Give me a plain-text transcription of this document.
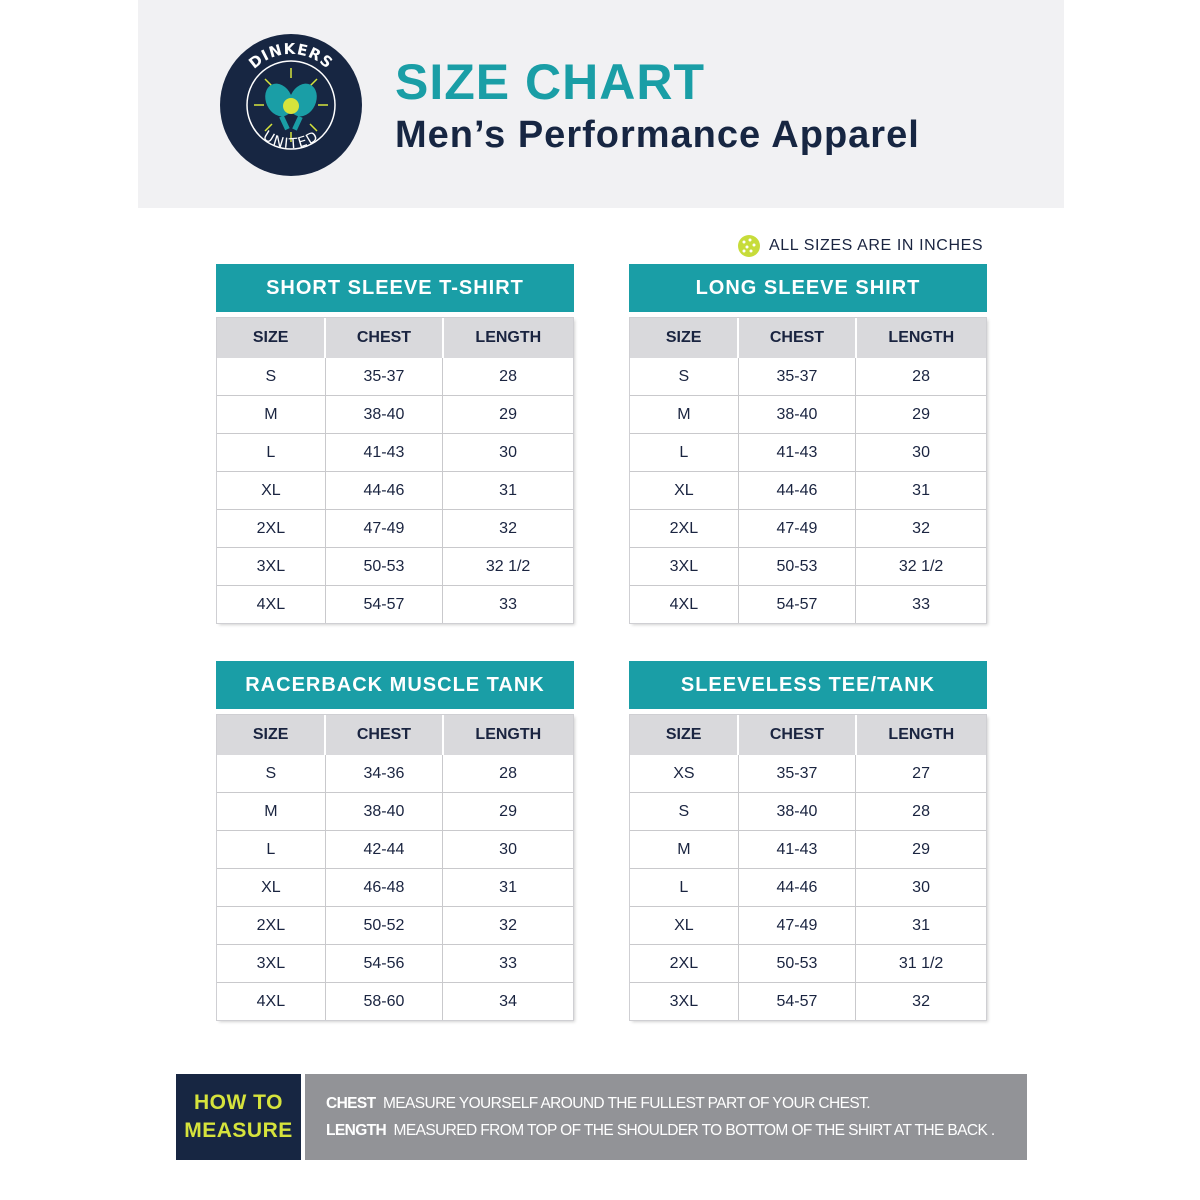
DINKERS
UNITED
SIZE CHART
Men’s Performance Apparel
ALL SIZES ARE IN INCHES
SHORT SLEEVE T-SHIRT
SIZE	CHEST	LENGTH
S	35-37	28
M	38-40	29
L	41-43	30
XL	44-46	31
2XL	47-49	32
3XL	50-53	32 1/2
4XL	54-57	33
LONG SLEEVE SHIRT
SIZE	CHEST	LENGTH
S	35-37	28
M	38-40	29
L	41-43	30
XL	44-46	31
2XL	47-49	32
3XL	50-53	32 1/2
4XL	54-57	33
RACERBACK MUSCLE TANK
SIZE	CHEST	LENGTH
S	34-36	28
M	38-40	29
L	42-44	30
XL	46-48	31
2XL	50-52	32
3XL	54-56	33
4XL	58-60	34
SLEEVELESS TEE/TANK
SIZE	CHEST	LENGTH
XS	35-37	27
S	38-40	28
M	41-43	29
L	44-46	30
XL	47-49	31
2XL	50-53	31 1/2
3XL	54-57	32
HOW TO
MEASURE
CHEST MEASURE YOURSELF AROUND THE FULLEST PART OF YOUR CHEST.
LENGTH MEASURED FROM TOP OF THE SHOULDER TO BOTTOM OF THE SHIRT AT THE BACK .
